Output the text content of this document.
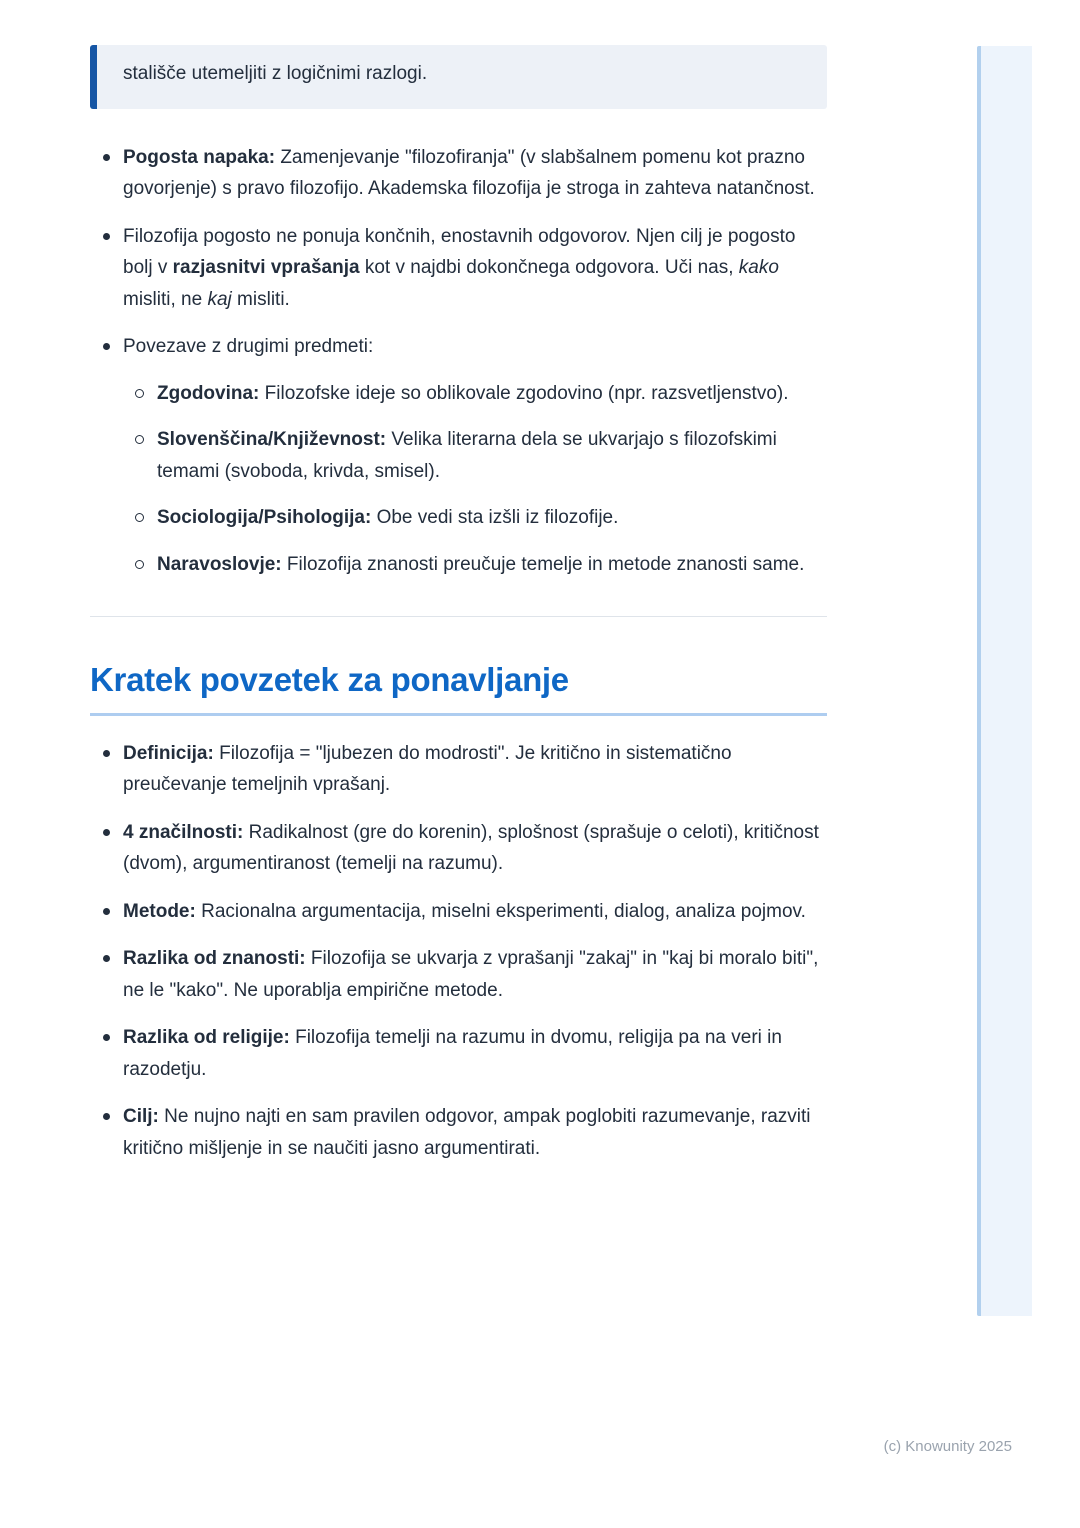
stališče utemeljiti z logičnimi razlogi.
Pogosta napaka: Zamenjevanje "filozofiranja" (v slabšalnem pomenu kot prazno govorjenje) s pravo filozofijo. Akademska filozofija je stroga in zahteva natančnost.
Filozofija pogosto ne ponuja končnih, enostavnih odgovorov. Njen cilj je pogosto bolj v razjasnitvi vprašanja kot v najdbi dokončnega odgovora. Uči nas, kako misliti, ne kaj misliti.
Povezave z drugimi predmeti:
Zgodovina: Filozofske ideje so oblikovale zgodovino (npr. razsvetljenstvo).
Slovenščina/Književnost: Velika literarna dela se ukvarjajo s filozofskimi temami (svoboda, krivda, smisel).
Sociologija/Psihologija: Obe vedi sta izšli iz filozofije.
Naravoslovje: Filozofija znanosti preučuje temelje in metode znanosti same.
Kratek povzetek za ponavljanje
Definicija: Filozofija = "ljubezen do modrosti". Je kritično in sistematično preučevanje temeljnih vprašanj.
4 značilnosti: Radikalnost (gre do korenin), splošnost (sprašuje o celoti), kritičnost (dvom), argumentiranost (temelji na razumu).
Metode: Racionalna argumentacija, miselni eksperimenti, dialog, analiza pojmov.
Razlika od znanosti: Filozofija se ukvarja z vprašanji "zakaj" in "kaj bi moralo biti", ne le "kako". Ne uporablja empirične metode.
Razlika od religije: Filozofija temelji na razumu in dvomu, religija pa na veri in razodetju.
Cilj: Ne nujno najti en sam pravilen odgovor, ampak poglobiti razumevanje, razviti kritično mišljenje in se naučiti jasno argumentirati.
(c) Knowunity 2025
